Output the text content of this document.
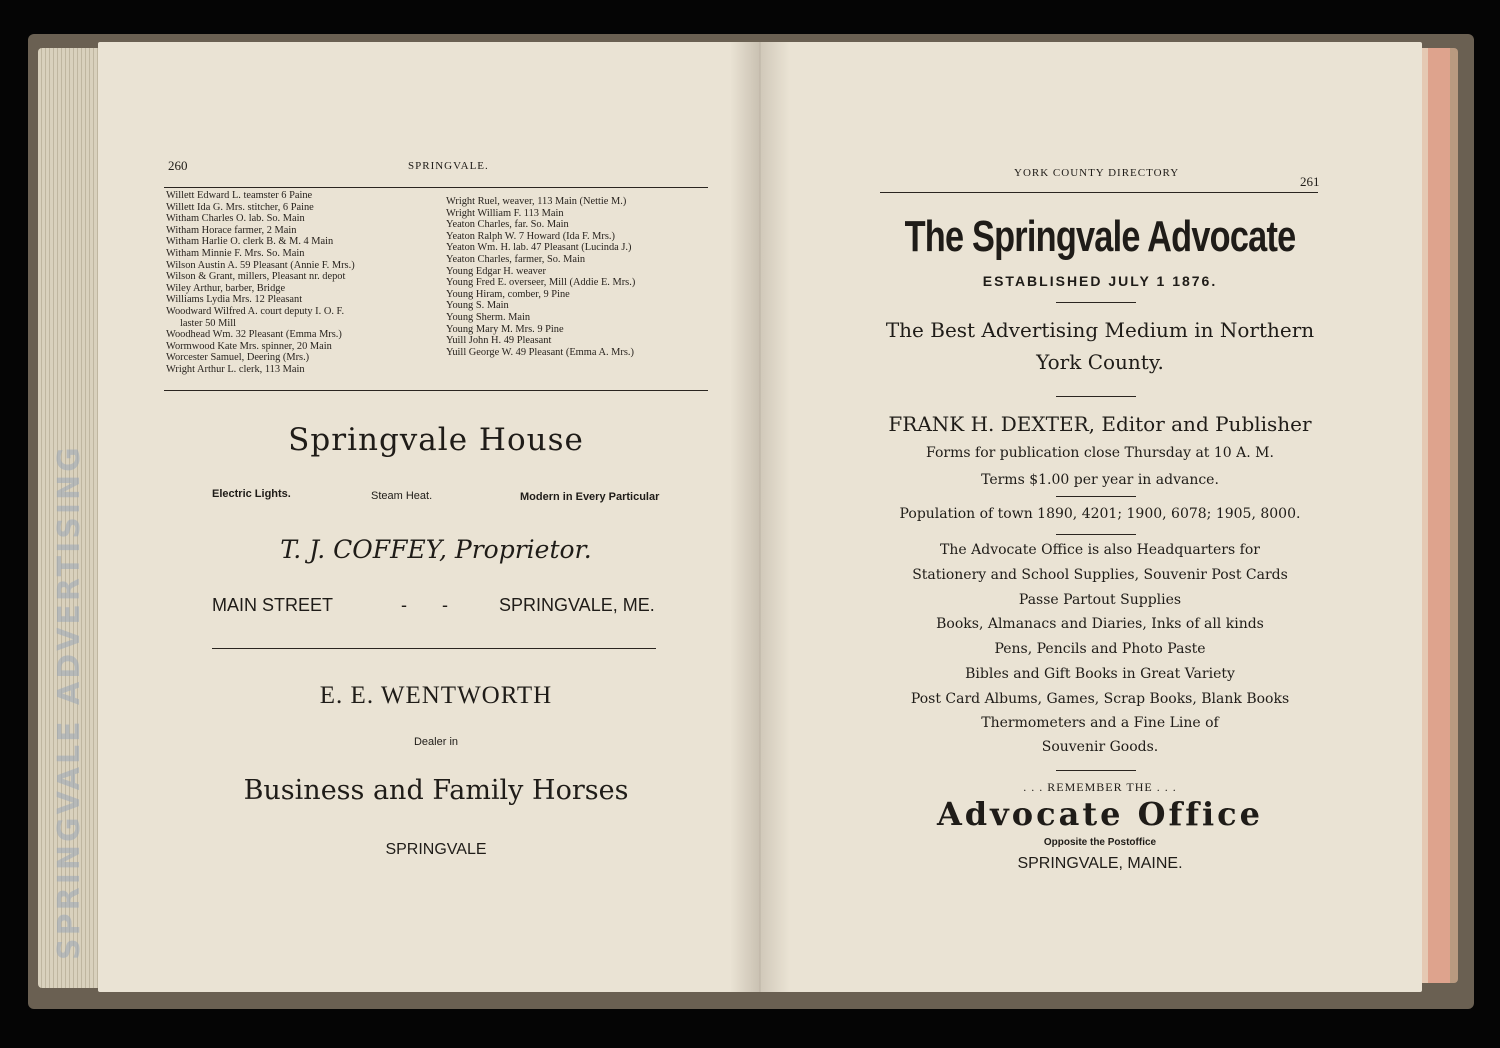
SPRINGVALE ADVERTISING
260	SPRINGVALE.
Willett Edward L. teamster 6 Paine
Willett Ida G. Mrs. stitcher, 6 Paine
Witham Charles O. lab. So. Main
Witham Horace farmer, 2 Main
Witham Harlie O. clerk B. & M. 4 Main
Witham Minnie F. Mrs. So. Main
Wilson Austin A. 59 Pleasant (Annie F. Mrs.)
Wilson & Grant, millers, Pleasant nr. depot
Wiley Arthur, barber, Bridge
Williams Lydia Mrs. 12 Pleasant
Woodward Wilfred A. court deputy I. O. F.
laster 50 Mill
Woodhead Wm. 32 Pleasant (Emma Mrs.)
Wormwood Kate Mrs. spinner, 20 Main
Worcester Samuel, Deering (Mrs.)
Wright Arthur L. clerk, 113 Main
Wright Ruel, weaver, 113 Main (Nettie M.)
Wright William F. 113 Main
Yeaton Charles, far. So. Main
Yeaton Ralph W. 7 Howard (Ida F. Mrs.)
Yeaton Wm. H. lab. 47 Pleasant (Lucinda J.)
Yeaton Charles, farmer, So. Main
Young Edgar H. weaver
Young Fred E. overseer, Mill (Addie E. Mrs.)
Young Hiram, comber, 9 Pine
Young S. Main
Young Sherm. Main
Young Mary M. Mrs. 9 Pine
Yuill John H. 49 Pleasant
Yuill George W. 49 Pleasant (Emma A. Mrs.)
Springvale House
Electric Lights.	Steam Heat.	Modern in Every Particular
T. J. COFFEY, Proprietor.
MAIN STREET	- -	SPRINGVALE, ME.
E. E. WENTWORTH
Dealer in
Business and Family Horses
SPRINGVALE
YORK COUNTY DIRECTORY
261
The Springvale Advocate
ESTABLISHED JULY 1 1876.
The Best Advertising Medium in Northern
York County.
FRANK H. DEXTER, Editor and Publisher
Forms for publication close Thursday at 10 A. M.
Terms $1.00 per year in advance.
Population of town 1890, 4201; 1900, 6078; 1905, 8000.
The Advocate Office is also Headquarters for
Stationery and School Supplies, Souvenir Post Cards
Passe Partout Supplies
Books, Almanacs and Diaries, Inks of all kinds
Pens, Pencils and Photo Paste
Bibles and Gift Books in Great Variety
Post Card Albums, Games, Scrap Books, Blank Books
Thermometers and a Fine Line of
Souvenir Goods.
. . . REMEMBER THE . . .
Advocate Office
Opposite the Postoffice
SPRINGVALE, MAINE.
